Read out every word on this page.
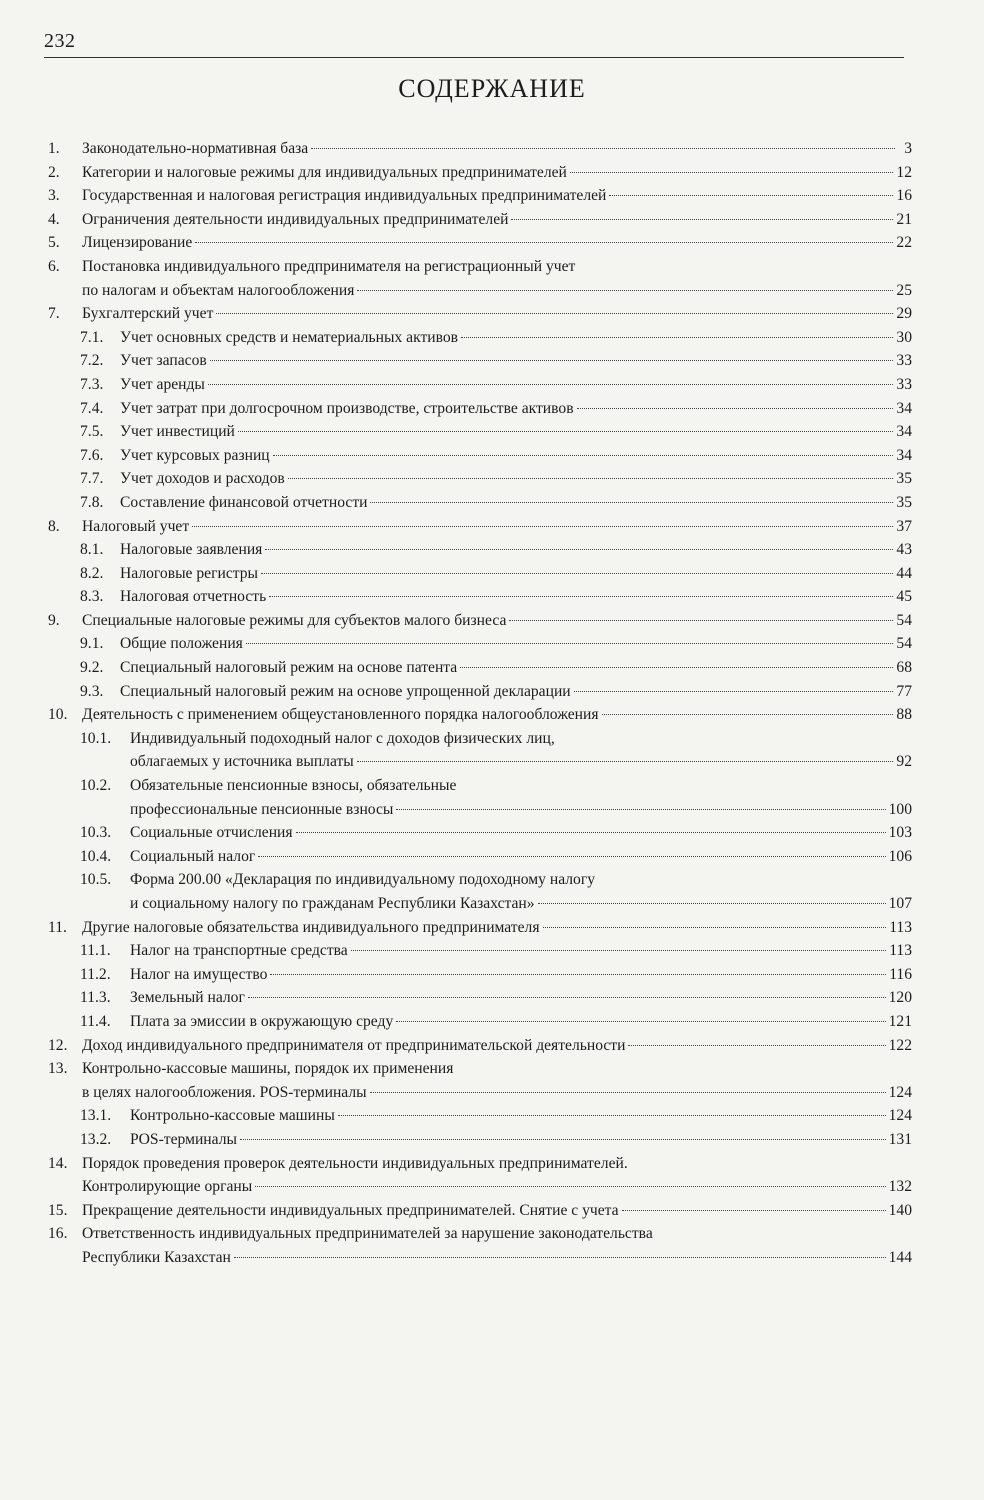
232
СОДЕРЖАНИЕ
1. Законодательно-нормативная база	3
2. Категории и налоговые режимы для индивидуальных предпринимателей	12
3. Государственная и налоговая регистрация индивидуальных предпринимателей	16
4. Ограничения деятельности индивидуальных предпринимателей	21
5. Лицензирование	22
6. Постановка индивидуального предпринимателя на регистрационный учет
по налогам и объектам налогообложения	25
7. Бухгалтерский учет	29
7.1. Учет основных средств и нематериальных активов	30
7.2. Учет запасов	33
7.3. Учет аренды	33
7.4. Учет затрат при долгосрочном производстве, строительстве активов	34
7.5. Учет инвестиций	34
7.6. Учет курсовых разниц	34
7.7. Учет доходов и расходов	35
7.8. Составление финансовой отчетности	35
8. Налоговый учет	37
8.1. Налоговые заявления	43
8.2. Налоговые регистры	44
8.3. Налоговая отчетность	45
9. Специальные налоговые режимы для субъектов малого бизнеса	54
9.1. Общие положения	54
9.2. Специальный налоговый режим на основе патента	68
9.3. Специальный налоговый режим на основе упрощенной декларации	77
10. Деятельность с применением общеустановленного порядка налогообложения	88
10.1. Индивидуальный подоходный налог с доходов физических лиц,
облагаемых у источника выплаты	92
10.2. Обязательные пенсионные взносы, обязательные
профессиональные пенсионные взносы	100
10.3. Социальные отчисления	103
10.4. Социальный налог	106
10.5. Форма 200.00 «Декларация по индивидуальному подоходному налогу
и социальному налогу по гражданам Республики Казахстан»	107
11. Другие налоговые обязательства индивидуального предпринимателя	113
11.1. Налог на транспортные средства	113
11.2. Налог на имущество	116
11.3. Земельный налог	120
11.4. Плата за эмиссии в окружающую среду	121
12. Доход индивидуального предпринимателя от предпринимательской деятельности	122
13. Контрольно-кассовые машины, порядок их применения
в целях налогообложения. POS-терминалы	124
13.1. Контрольно-кассовые машины	124
13.2. POS-терминалы	131
14. Порядок проведения проверок деятельности индивидуальных предпринимателей.
Контролирующие органы	132
15. Прекращение деятельности индивидуальных предпринимателей. Снятие с учета	140
16. Ответственность индивидуальных предпринимателей за нарушение законодательства
Республики Казахстан	144
